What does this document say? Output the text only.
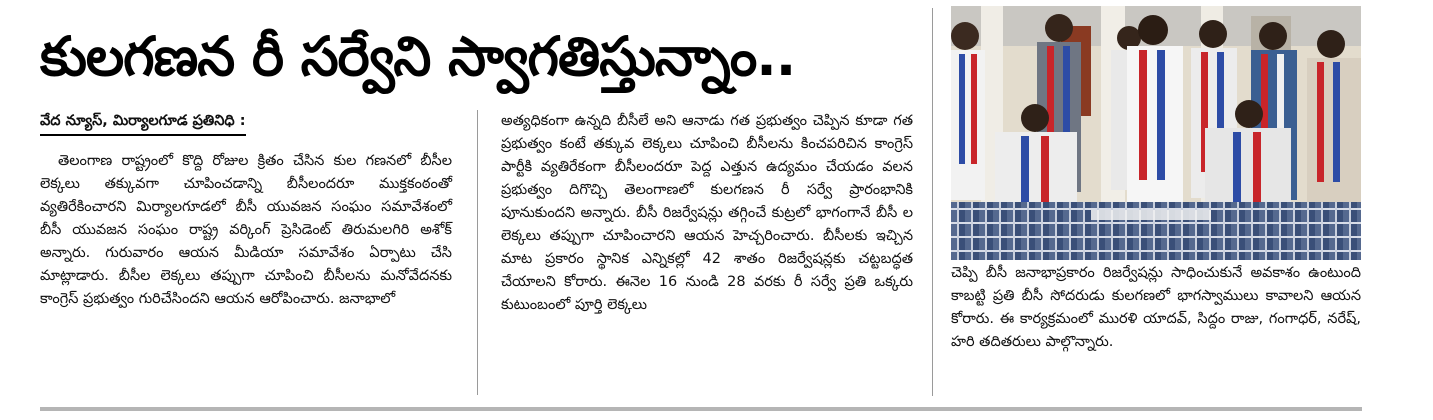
కులగణన రీ సర్వేని స్వాగతిస్తున్నాం..
వేద న్యూస్, మిర్యాలగూడ ప్రతినిధి :

తెలంగాణ రాష్ట్రంలో కొద్ది రోజుల క్రితం చేసిన కుల గణనలో బీసీల లెక్కలు తక్కువగా చూపించడాన్ని బీసీలందరూ ముక్తకంఠంతో వ్యతిరేకించారని మిర్యాలగూడలో బీసీ యువజన సంఘం సమావేశంలో బీసీ యువజన సంఘం రాష్ట్ర వర్కింగ్ ప్రెసిడెంట్ తిరుమలగిరి అశోక్ అన్నారు. గురువారం ఆయన మీడియా సమావేశం ఏర్పాటు చేసి మాట్లాడారు. బీసీల లెక్కలు తప్పుగా చూపించి బీసీలను మనోవేదనకు కాంగ్రెస్ ప్రభుత్వం గురిచేసిందని ఆయన ఆరోపించారు. జనాభాలో

అత్యధికంగా ఉన్నది బీసీలే అని ఆనాడు గత ప్రభుత్వం చెప్పిన కూడా గత ప్రభుత్వం కంటే తక్కువ లెక్కలు చూపించి బీసీలను కించపరిచిన కాంగ్రెస్ పార్టీకి వ్యతిరేకంగా బీసీలందరూ పెద్ద ఎత్తున ఉద్యమం చేయడం వలన ప్రభుత్వం దిగొచ్చి తెలంగాణలో కులగణన రీ సర్వే ప్రారంభానికి పూనుకుందని అన్నారు. బీసీ రిజర్వేషన్లు తగ్గించే కుట్రలో భాగంగానే బీసీ ల లెక్కలు తప్పుగా చూపించారని ఆయన హెచ్చరించారు. బీసీలకు ఇచ్చిన మాట ప్రకారం స్థానిక ఎన్నికల్లో 42 శాతం రిజర్వేషన్లకు చట్టబద్ధత చేయాలని కోరారు. ఈనెల 16 నుండి 28 వరకు రీ సర్వే ప్రతి ఒక్కరు కుటుంబంలో పూర్తి లెక్కలు

చెప్పి బీసీ జనాభాప్రకారం రిజర్వేషన్లు సాధించుకునే అవకాశం ఉంటుంది కాబట్టి ప్రతి బీసీ సోదరుడు కులగణలో భాగస్వాములు కావాలని ఆయన కోరారు. ఈ కార్యక్రమంలో మురళి యాదవ్, సిద్దం రాజు, గంగాధర్, నరేష్, హరి తదితరులు పాల్గొన్నారు.
